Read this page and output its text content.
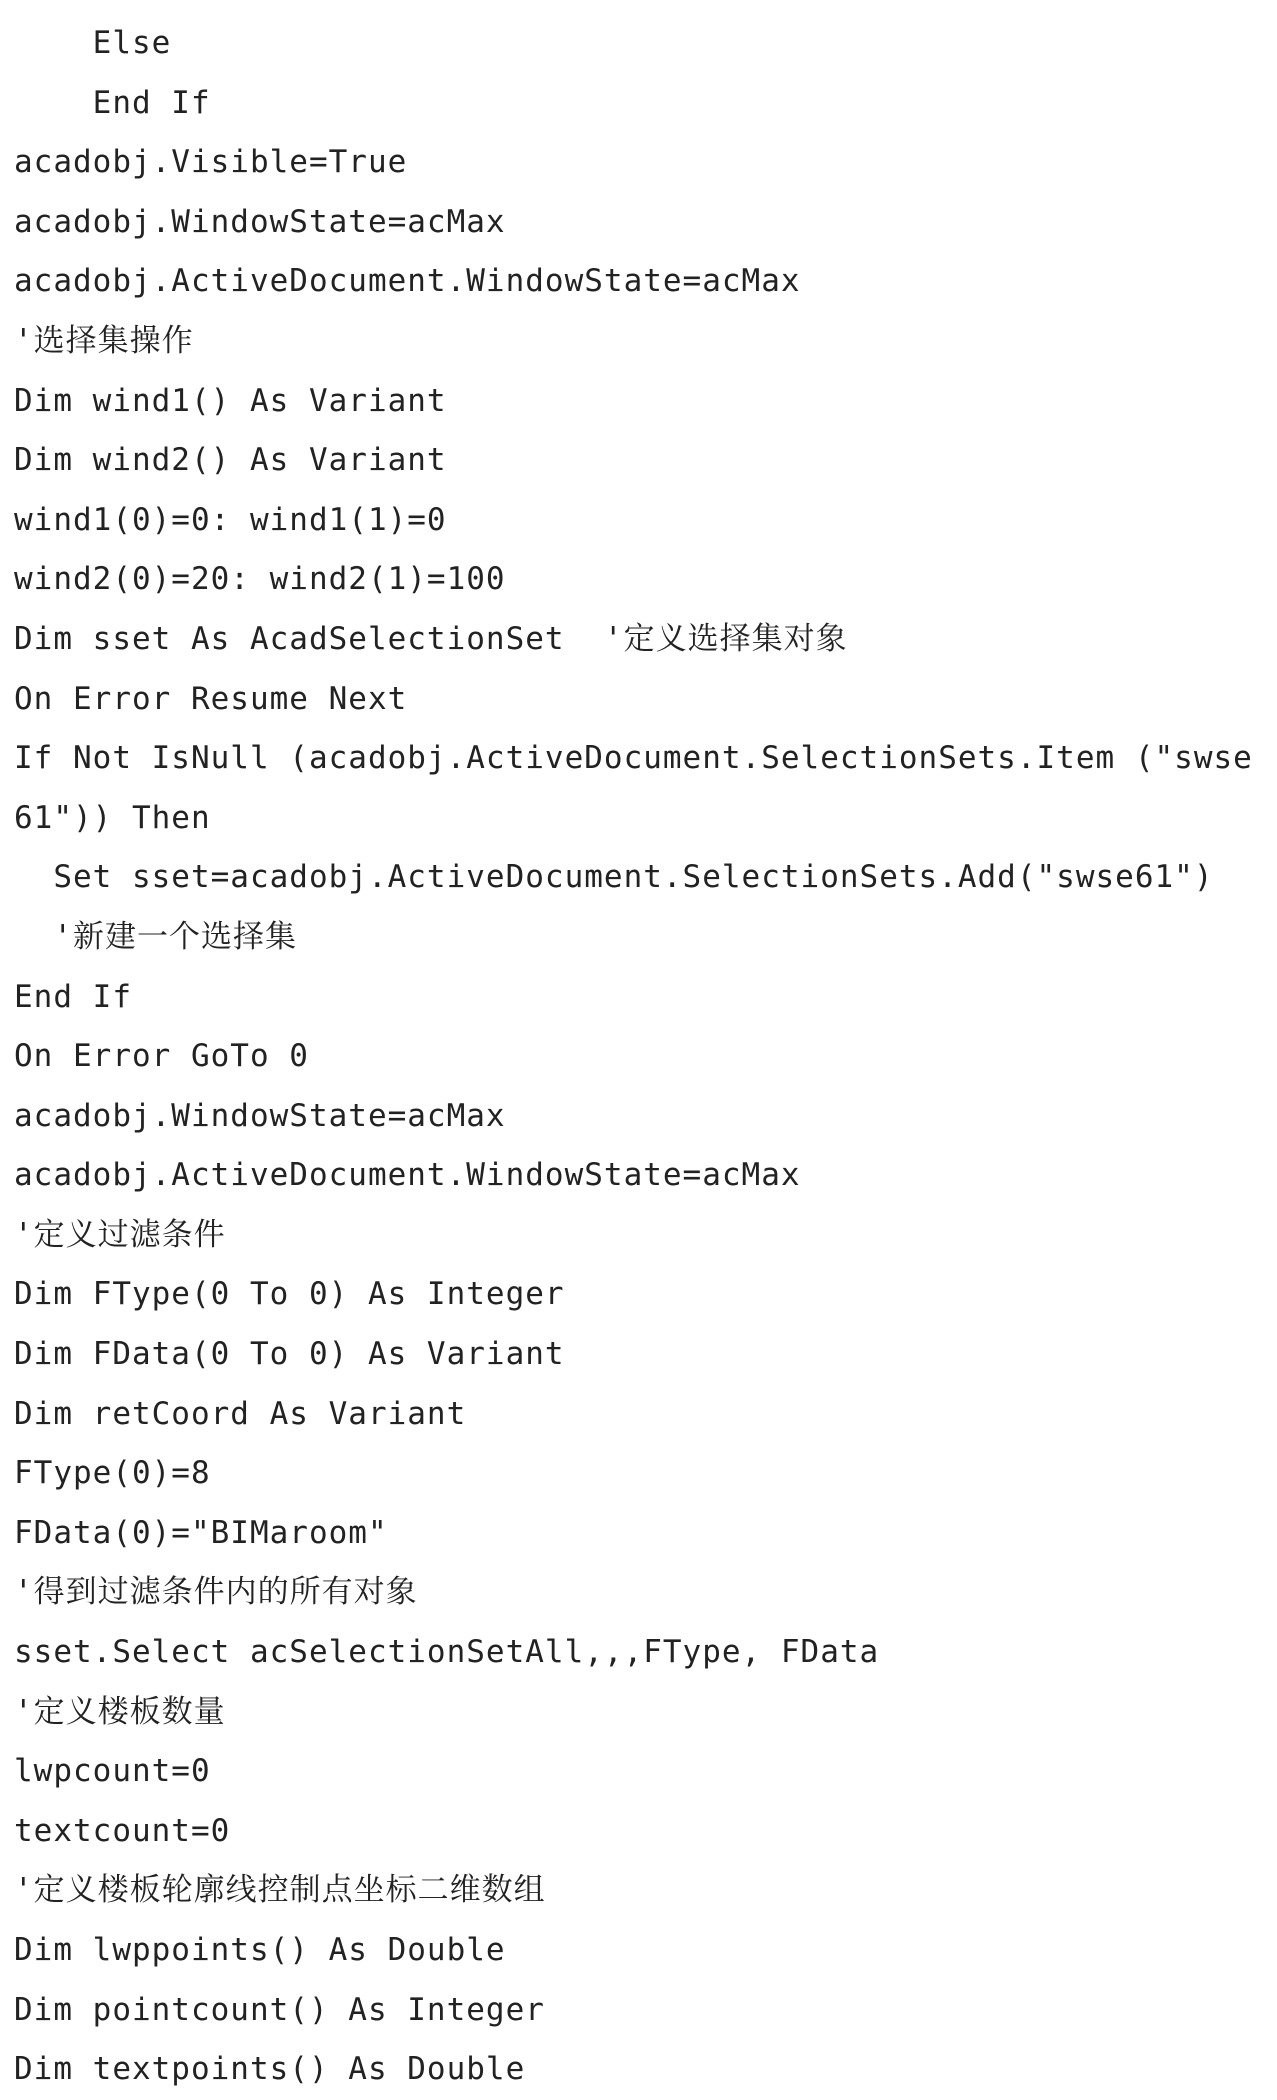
Else
End If
acadobj.Visible=True
acadobj.WindowState=acMax
acadobj.ActiveDocument.WindowState=acMax
'选择集操作
Dim wind1() As Variant
Dim wind2() As Variant
wind1(0)=0: wind1(1)=0
wind2(0)=20: wind2(1)=100
Dim sset As AcadSelectionSet  '定义选择集对象
On Error Resume Next
If Not IsNull (acadobj.ActiveDocument.SelectionSets.Item ("swse
61")) Then
Set sset=acadobj.ActiveDocument.SelectionSets.Add("swse61")
'新建一个选择集
End If
On Error GoTo 0
acadobj.WindowState=acMax
acadobj.ActiveDocument.WindowState=acMax
'定义过滤条件
Dim FType(0 To 0) As Integer
Dim FData(0 To 0) As Variant
Dim retCoord As Variant
FType(0)=8
FData(0)="BIMaroom"
'得到过滤条件内的所有对象
sset.Select acSelectionSetAll,,,FType, FData
'定义楼板数量
lwpcount=0
textcount=0
'定义楼板轮廓线控制点坐标二维数组
Dim lwppoints() As Double
Dim pointcount() As Integer
Dim textpoints() As Double
